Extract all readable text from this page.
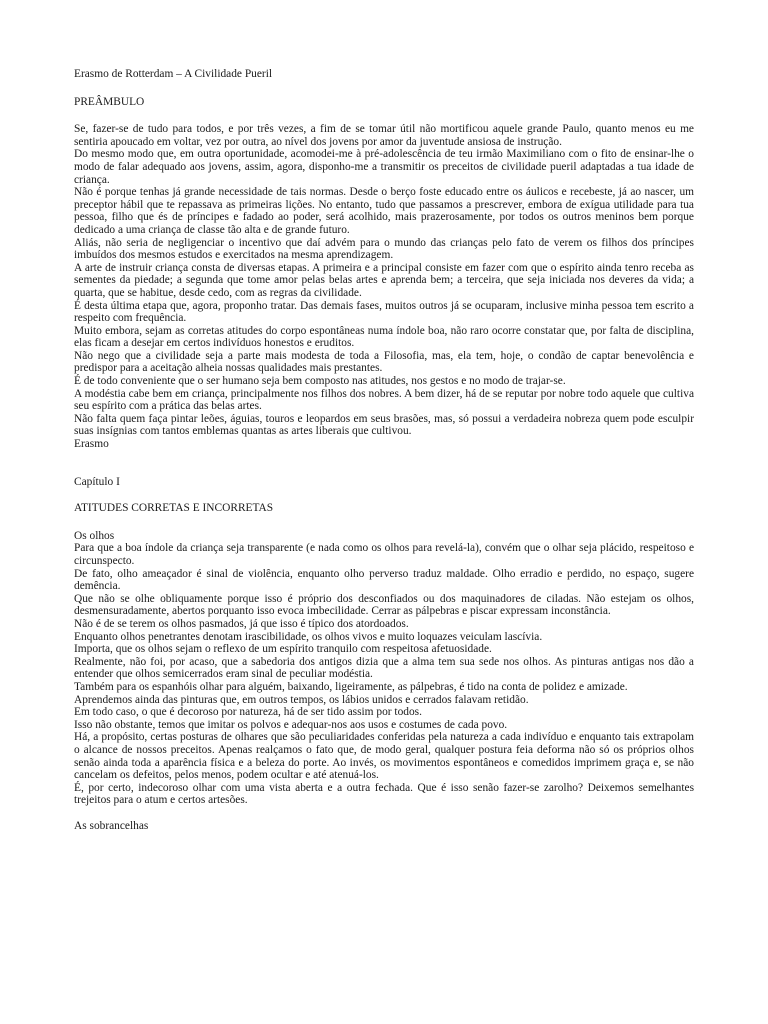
Erasmo de Rotterdam – A Civilidade Pueril

PREÂMBULO

Se, fazer-se de tudo para todos, e por três vezes, a fim de se tomar útil não mortificou aquele grande Paulo, quanto menos eu me sentiria apoucado em voltar, vez por outra, ao nível dos jovens por amor da juventude ansiosa de instrução.

Do mesmo modo que, em outra oportunidade, acomodei-me à pré-adolescência de teu irmão Maximiliano com o fito de ensinar-lhe o modo de falar adequado aos jovens, assim, agora, disponho-me a transmitir os preceitos de civilidade pueril adaptadas a tua idade de criança.

Não é porque tenhas já grande necessidade de tais normas. Desde o berço foste educado entre os áulicos e recebeste, já ao nascer, um preceptor hábil que te repassava as primeiras lições. No entanto, tudo que passamos a prescrever, embora de exígua utilidade para tua pessoa, filho que és de príncipes e fadado ao poder, será acolhido, mais prazerosamente, por todos os outros meninos bem porque dedicado a uma criança de classe tão alta e de grande futuro.

Aliás, não seria de negligenciar o incentivo que daí advém para o mundo das crianças pelo fato de verem os filhos dos príncipes imbuídos dos mesmos estudos e exercitados na mesma aprendizagem.

A arte de instruir criança consta de diversas etapas. A primeira e a principal consiste em fazer com que o espírito ainda tenro receba as sementes da piedade; a segunda que tome amor pelas belas artes e aprenda bem; a terceira, que seja iniciada nos deveres da vida; a quarta, que se habitue, desde cedo, com as regras da civilidade.

É desta última etapa que, agora, proponho tratar. Das demais fases, muitos outros já se ocuparam, inclusive minha pessoa tem escrito a respeito com frequência.

Muito embora, sejam as corretas atitudes do corpo espontâneas numa índole boa, não raro ocorre constatar que, por falta de disciplina, elas ficam a desejar em certos indivíduos honestos e eruditos.

Não nego que a civilidade seja a parte mais modesta de toda a Filosofia, mas, ela tem, hoje, o condão de captar benevolência e predispor para a aceitação alheia nossas qualidades mais prestantes.

É de todo conveniente que o ser humano seja bem composto nas atitudes, nos gestos e no modo de trajar-se.

A modéstia cabe bem em criança, principalmente nos filhos dos nobres. A bem dizer, há de se reputar por nobre todo aquele que cultiva seu espírito com a prática das belas artes.

Não falta quem faça pintar leões, águias, touros e leopardos em seus brasões, mas, só possui a verdadeira nobreza quem pode esculpir suas insígnias com tantos emblemas quantas as artes liberais que cultivou.

Erasmo

Capítulo I

ATITUDES CORRETAS E INCORRETAS

Os olhos

Para que a boa índole da criança seja transparente (e nada como os olhos para revelá-la), convém que o olhar seja plácido, respeitoso e circunspecto.

De fato, olho ameaçador é sinal de violência, enquanto olho perverso traduz maldade. Olho erradio e perdido, no espaço, sugere demência.

Que não se olhe obliquamente porque isso é próprio dos desconfiados ou dos maquinadores de ciladas. Não estejam os olhos, desmensuradamente, abertos porquanto isso evoca imbecilidade. Cerrar as pálpebras e piscar expressam inconstância.

Não é de se terem os olhos pasmados, já que isso é típico dos atordoados.

Enquanto olhos penetrantes denotam irascibilidade, os olhos vivos e muito loquazes veiculam lascívia.

Importa, que os olhos sejam o reflexo de um espírito tranquilo com respeitosa afetuosidade.

Realmente, não foi, por acaso, que a sabedoria dos antigos dizia que a alma tem sua sede nos olhos. As pinturas antigas nos dão a entender que olhos semicerrados eram sinal de peculiar modéstia.

Também para os espanhóis olhar para alguém, baixando, ligeiramente, as pálpebras, é tido na conta de polidez e amizade.

Aprendemos ainda das pinturas que, em outros tempos, os lábios unidos e cerrados falavam retidão.

Em todo caso, o que é decoroso por natureza, há de ser tido assim por todos.

Isso não obstante, temos que imitar os polvos e adequar-nos aos usos e costumes de cada povo.

Há, a propósito, certas posturas de olhares que são peculiaridades conferidas pela natureza a cada indivíduo e enquanto tais extrapolam o alcance de nossos preceitos. Apenas realçamos o fato que, de modo geral, qualquer postura feia deforma não só os próprios olhos senão ainda toda a aparência física e a beleza do porte. Ao invés, os movimentos espontâneos e comedidos imprimem graça e, se não cancelam os defeitos, pelos menos, podem ocultar e até atenuá-los.

É, por certo, indecoroso olhar com uma vista aberta e a outra fechada. Que é isso senão fazer-se zarolho? Deixemos semelhantes trejeitos para o atum e certos artesões.

As sobrancelhas
